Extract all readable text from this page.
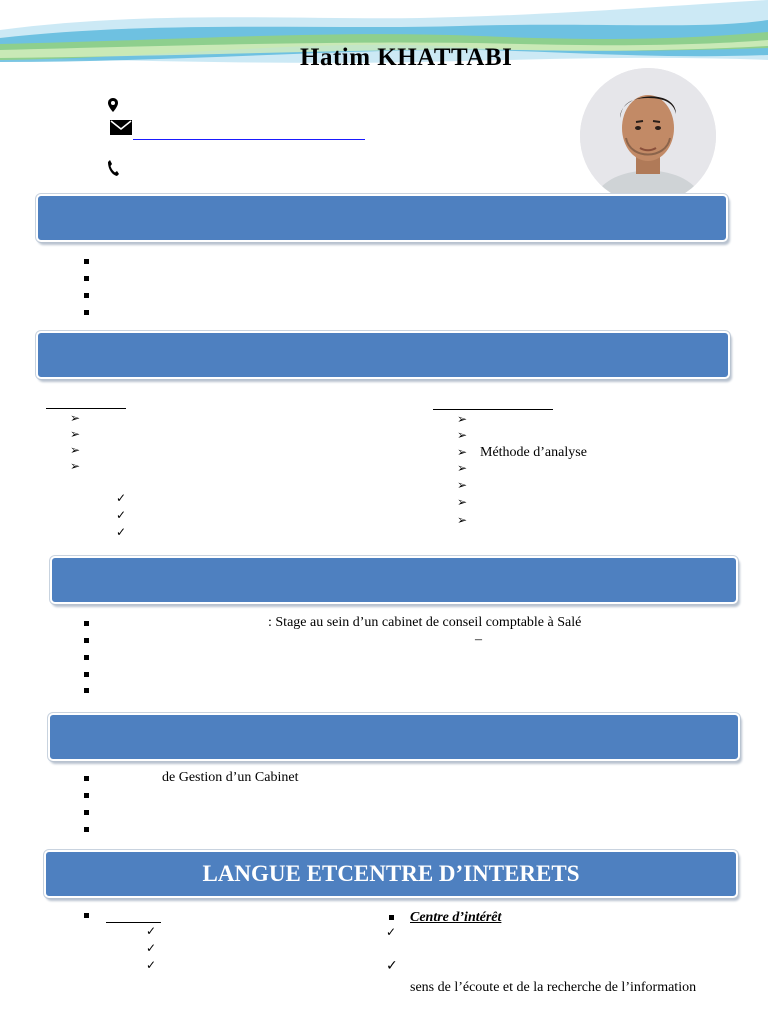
Hatim KHATTABI
➢
➢
➢
➢
✓
✓
✓
➢
➢
➢ Méthode d’analyse
➢
➢
➢
➢
: Stage au sein d’un cabinet de conseil comptable à Salé
–
de Gestion d’un Cabinet
LANGUE ETCENTRE D’INTERETS
✓
✓
✓
Centre d’intérêt
✓
✓
sens de l’écoute et de la recherche de l’information
